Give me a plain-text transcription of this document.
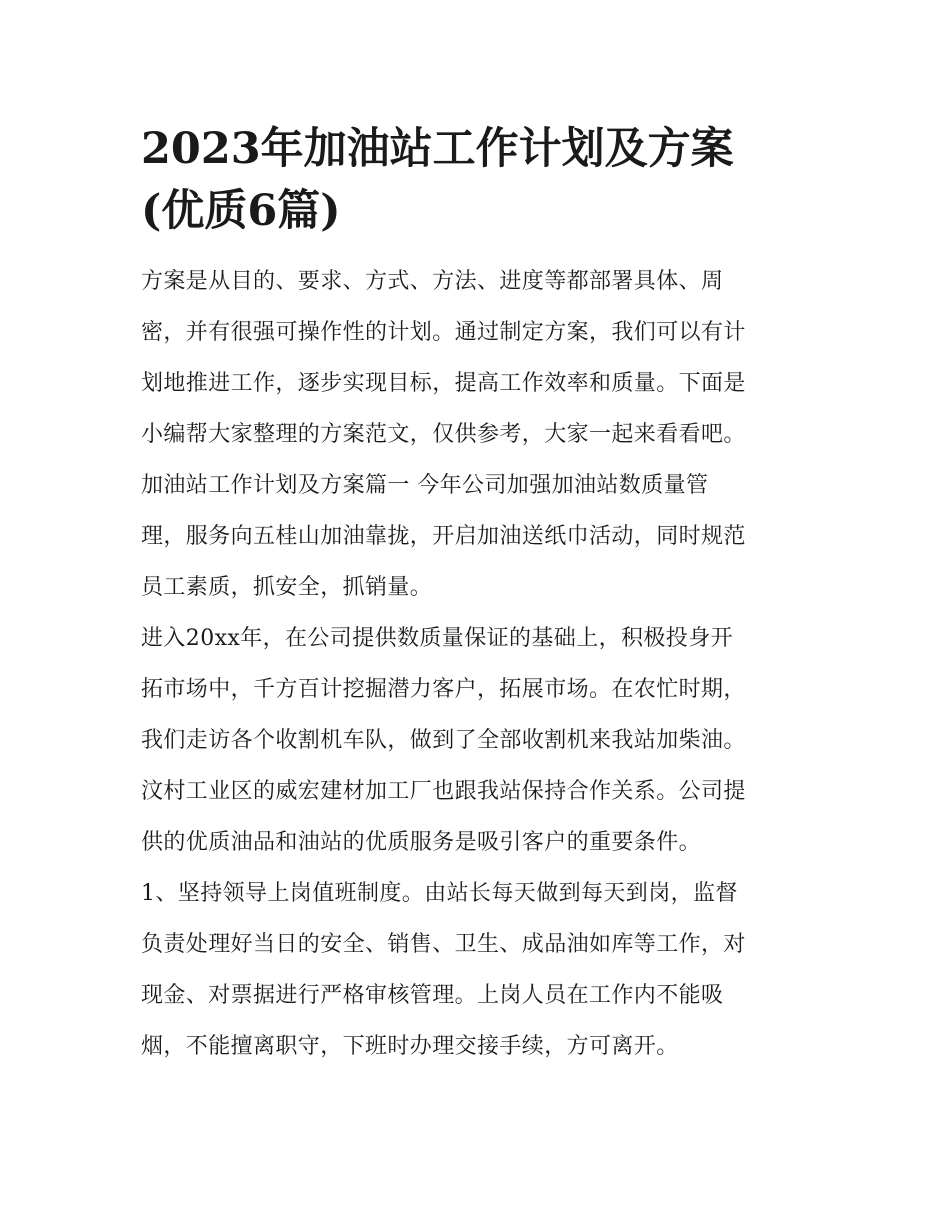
2023年加油站工作计划及方案
(优质6篇)
方案是从目的、要求、方式、方法、进度等都部署具体、周
密，并有很强可操作性的计划。通过制定方案，我们可以有计
划地推进工作，逐步实现目标，提高工作效率和质量。下面是
小编帮大家整理的方案范文，仅供参考，大家一起来看看吧。
加油站工作计划及方案篇一 今年公司加强加油站数质量管
理，服务向五桂山加油靠拢，开启加油送纸巾活动，同时规范
员工素质，抓安全，抓销量。
进入20xx年，在公司提供数质量保证的基础上，积极投身开
拓市场中，千方百计挖掘潜力客户，拓展市场。在农忙时期，
我们走访各个收割机车队，做到了全部收割机来我站加柴油。
汶村工业区的威宏建材加工厂也跟我站保持合作关系。公司提
供的优质油品和油站的优质服务是吸引客户的重要条件。
1、坚持领导上岗值班制度。由站长每天做到每天到岗，监督
负责处理好当日的安全、销售、卫生、成品油如库等工作，对
现金、对票据进行严格审核管理。上岗人员在工作内不能吸
烟，不能擅离职守，下班时办理交接手续，方可离开。
